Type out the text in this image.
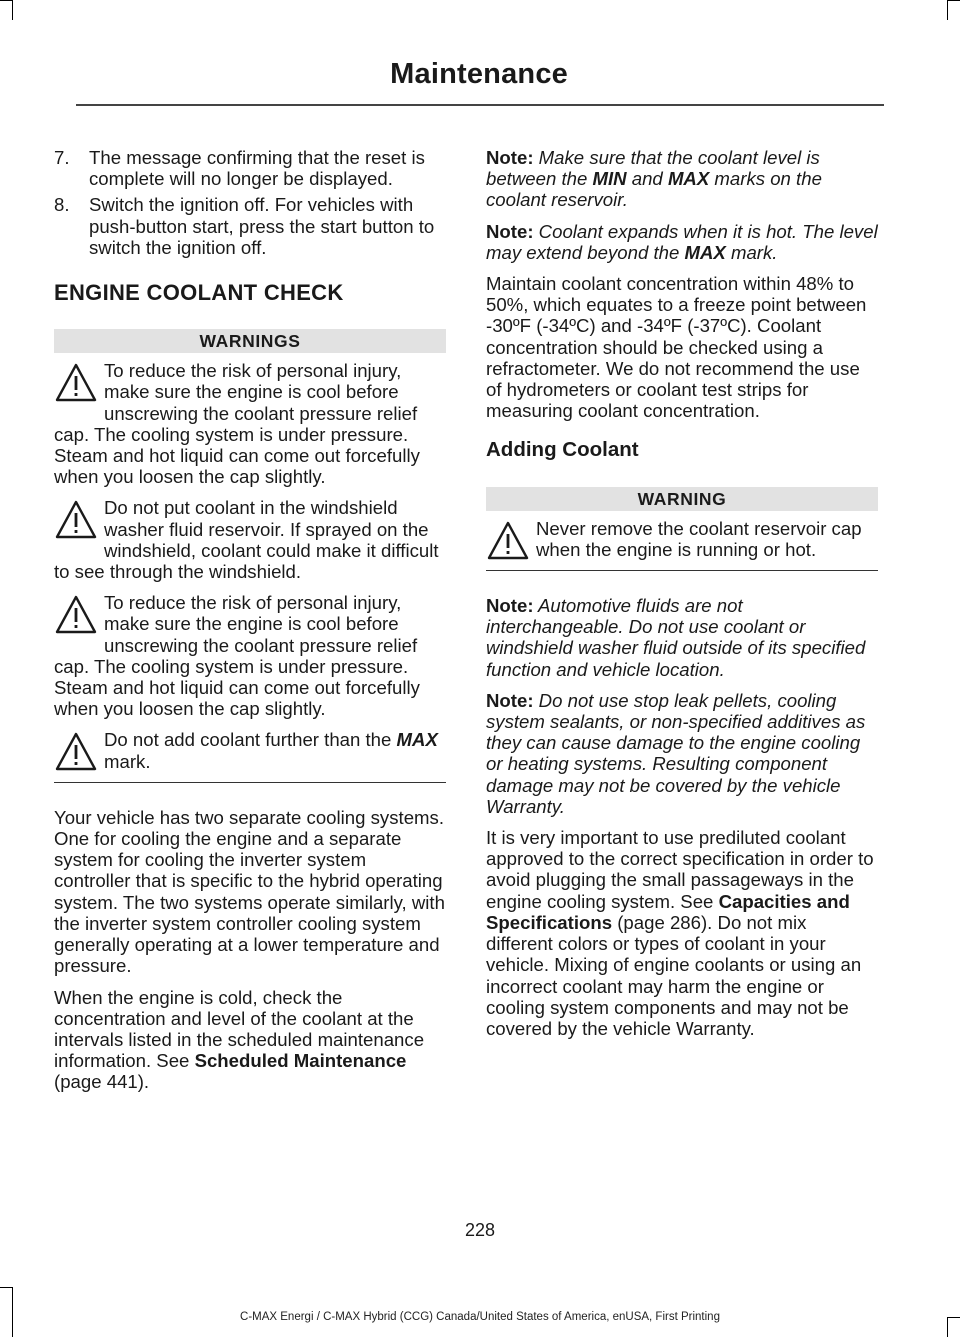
Maintenance
7. The message confirming that the reset is complete will no longer be displayed.
8. Switch the ignition off. For vehicles with push-button start, press the start button to switch the ignition off.
ENGINE COOLANT CHECK
WARNINGS
To reduce the risk of personal injury, make sure the engine is cool before unscrewing the coolant pressure relief cap. The cooling system is under pressure. Steam and hot liquid can come out forcefully when you loosen the cap slightly.
Do not put coolant in the windshield washer fluid reservoir. If sprayed on the windshield, coolant could make it difficult to see through the windshield.
To reduce the risk of personal injury, make sure the engine is cool before unscrewing the coolant pressure relief cap. The cooling system is under pressure. Steam and hot liquid can come out forcefully when you loosen the cap slightly.
Do not add coolant further than the MAX mark.

Your vehicle has two separate cooling systems. One for cooling the engine and a separate system for cooling the inverter system controller that is specific to the hybrid operating system. The two systems operate similarly, with the inverter system controller cooling system generally operating at a lower temperature and pressure.

When the engine is cold, check the concentration and level of the coolant at the intervals listed in the scheduled maintenance information. See Scheduled Maintenance (page 441).

Note: Make sure that the coolant level is between the MIN and MAX marks on the coolant reservoir.

Note: Coolant expands when it is hot. The level may extend beyond the MAX mark.

Maintain coolant concentration within 48% to 50%, which equates to a freeze point between -30ºF (-34ºC) and -34ºF (-37ºC). Coolant concentration should be checked using a refractometer. We do not recommend the use of hydrometers or coolant test strips for measuring coolant concentration.

Adding Coolant
WARNING
Never remove the coolant reservoir cap when the engine is running or hot.

Note: Automotive fluids are not interchangeable. Do not use coolant or windshield washer fluid outside of its specified function and vehicle location.

Note: Do not use stop leak pellets, cooling system sealants, or non-specified additives as they can cause damage to the engine cooling or heating systems. Resulting component damage may not be covered by the vehicle Warranty.

It is very important to use prediluted coolant approved to the correct specification in order to avoid plugging the small passageways in the engine cooling system. See Capacities and Specifications (page 286). Do not mix different colors or types of coolant in your vehicle. Mixing of engine coolants or using an incorrect coolant may harm the engine or cooling system components and may not be covered by the vehicle Warranty.

228
C-MAX Energi / C-MAX Hybrid (CCG) Canada/United States of America, enUSA, First Printing
